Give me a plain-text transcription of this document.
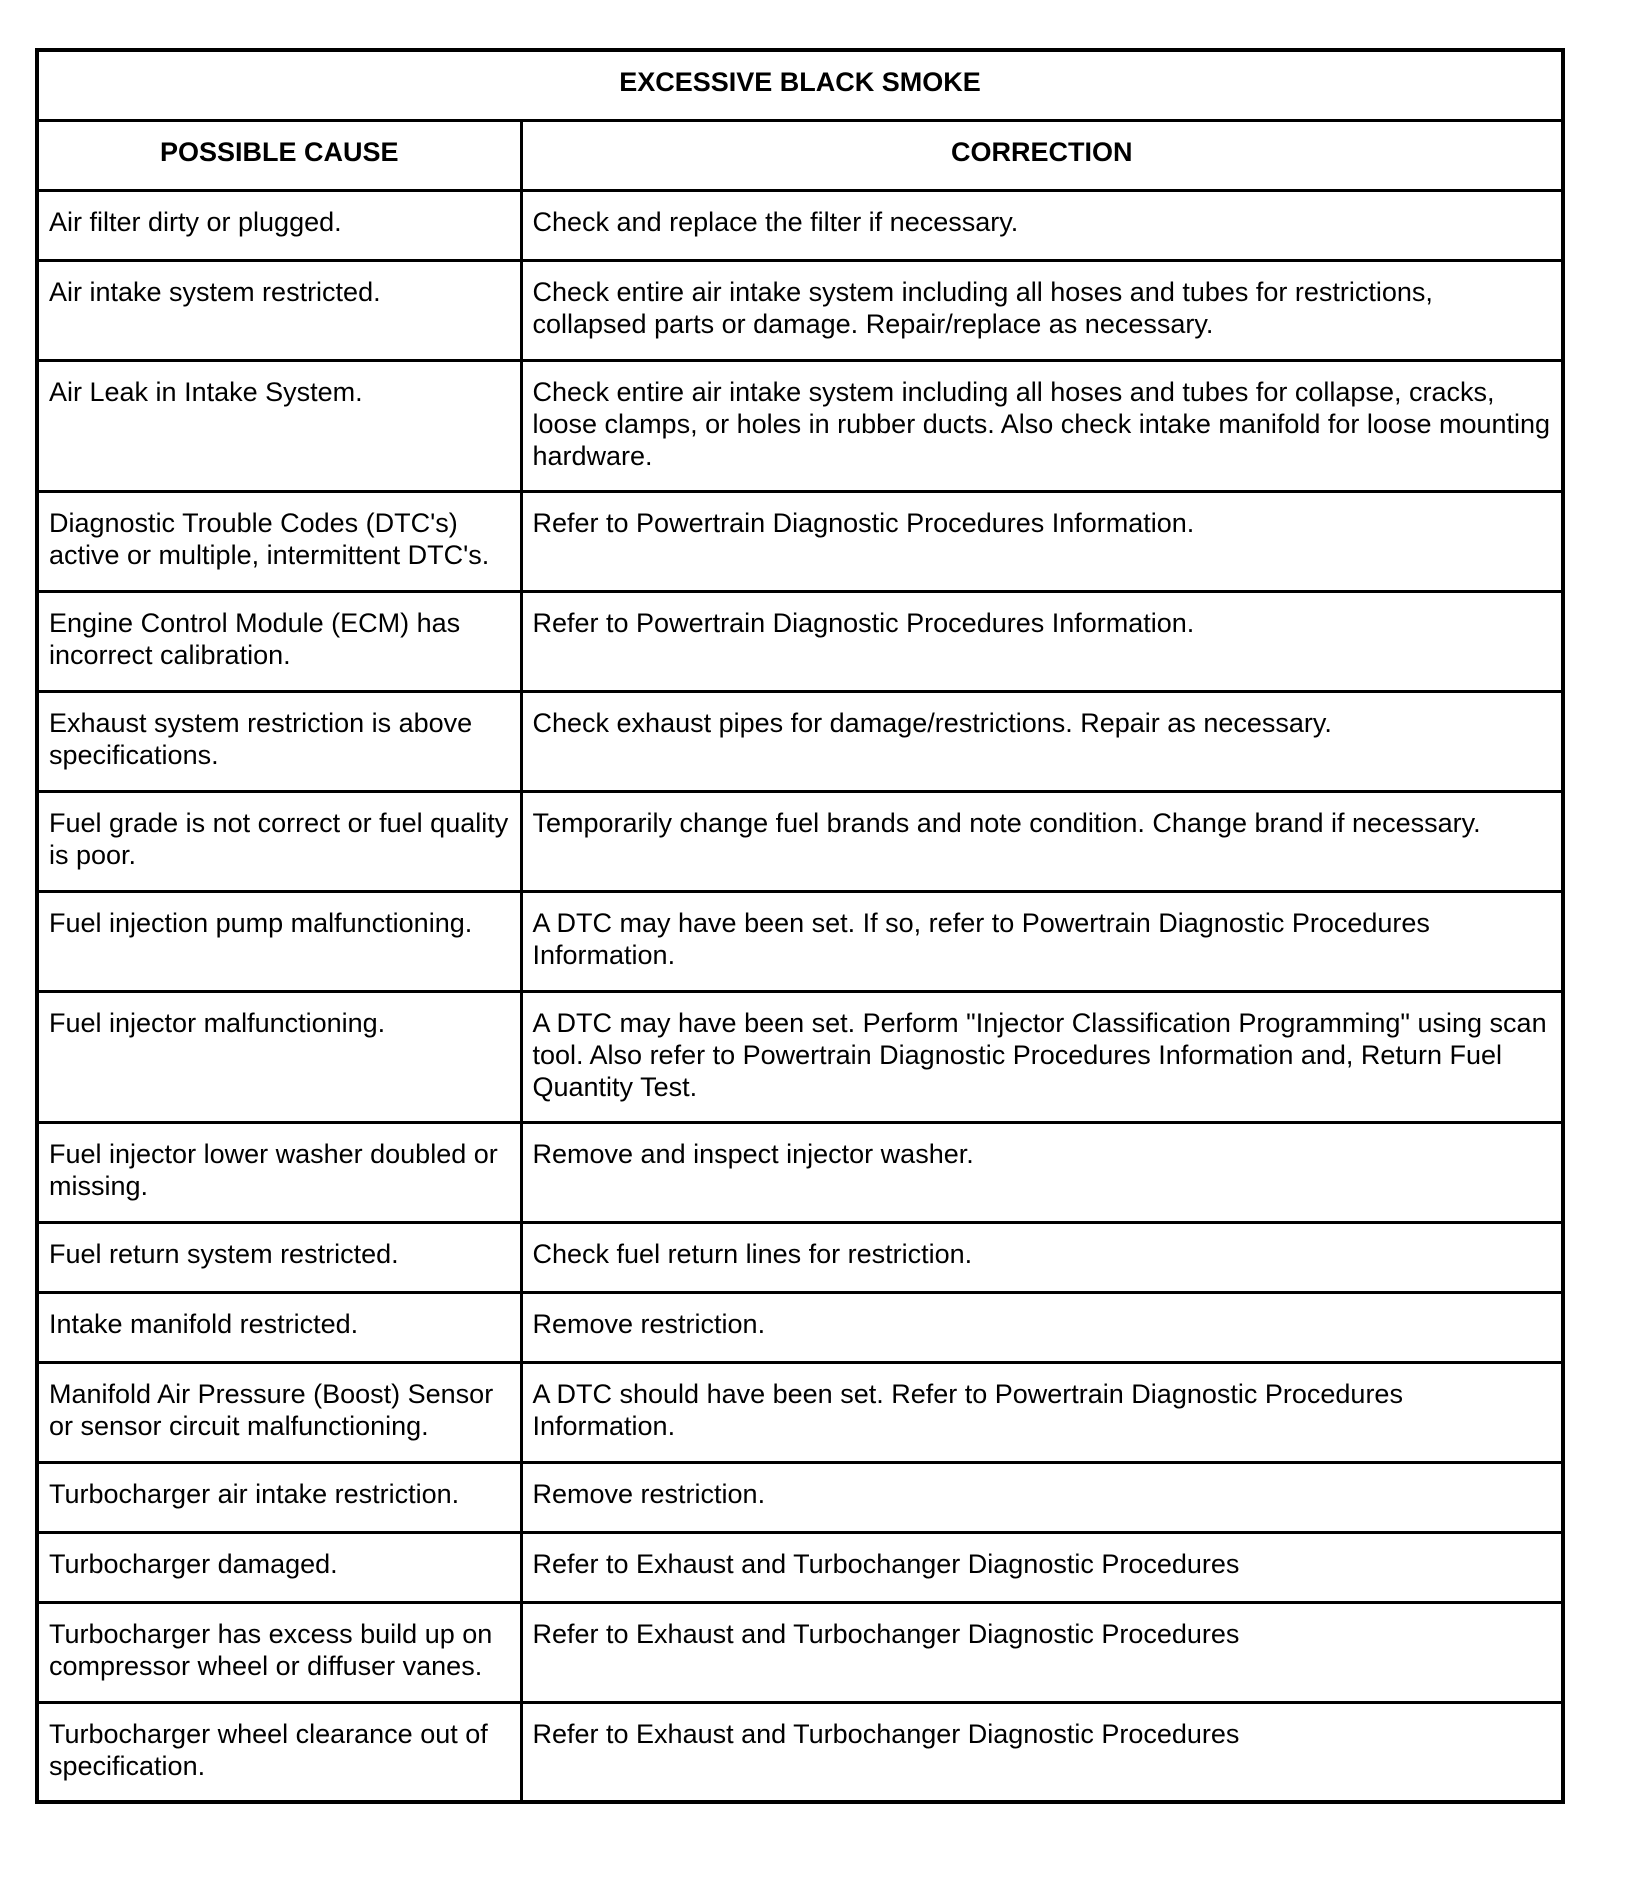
EXCESSIVE BLACK SMOKE	
POSSIBLE CAUSE	CORRECTION
Air filter dirty or plugged.	Check and replace the filter if necessary.
Air intake system restricted.	Check entire air intake system including all hoses and tubes for restrictions, collapsed parts or damage. Repair/replace as necessary.
Air Leak in Intake System.	Check entire air intake system including all hoses and tubes for collapse, cracks, loose clamps, or holes in rubber ducts. Also check intake manifold for loose mounting hardware.
Diagnostic Trouble Codes (DTC's) active or multiple, intermittent DTC's.	Refer to Powertrain Diagnostic Procedures Information.
Engine Control Module (ECM) has incorrect calibration.	Refer to Powertrain Diagnostic Procedures Information.
Exhaust system restriction is above specifications.	Check exhaust pipes for damage/restrictions. Repair as necessary.
Fuel grade is not correct or fuel quality is poor.	Temporarily change fuel brands and note condition. Change brand if necessary.
Fuel injection pump malfunctioning.	A DTC may have been set. If so, refer to Powertrain Diagnostic Procedures Information.
Fuel injector malfunctioning.	A DTC may have been set. Perform "Injector Classification Programming" using scan tool. Also refer to Powertrain Diagnostic Procedures Information and, Return Fuel Quantity Test.
Fuel injector lower washer doubled or missing.	Remove and inspect injector washer.
Fuel return system restricted.	Check fuel return lines for restriction.
Intake manifold restricted.	Remove restriction.
Manifold Air Pressure (Boost) Sensor or sensor circuit malfunctioning.	A DTC should have been set. Refer to Powertrain Diagnostic Procedures Information.
Turbocharger air intake restriction.	Remove restriction.
Turbocharger damaged.	Refer to Exhaust and Turbochanger Diagnostic Procedures
Turbocharger has excess build up on compressor wheel or diffuser vanes.	Refer to Exhaust and Turbochanger Diagnostic Procedures
Turbocharger wheel clearance out of specification.	Refer to Exhaust and Turbochanger Diagnostic Procedures
